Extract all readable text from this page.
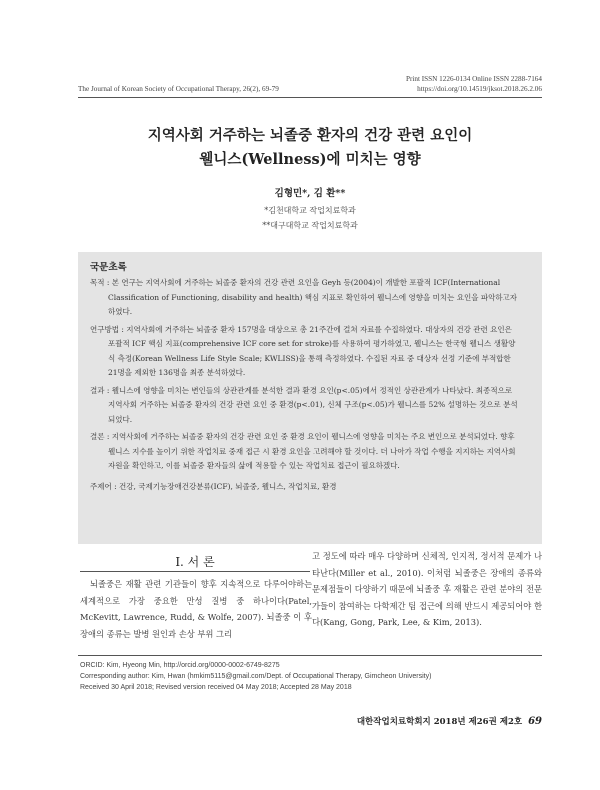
Print ISSN 1226-0134 Online ISSN 2288-7164
The Journal of Korean Society of Occupational Therapy, 26(2), 69-79	https://doi.org/10.14519/jksot.2018.26.2.06
지역사회 거주하는 뇌졸중 환자의 건강 관련 요인이
웰니스(Wellness)에 미치는 영향
김형민*, 김 환**
*김천대학교 작업치료학과
**대구대학교 작업치료학과
국문초록

목적 : 본 연구는 지역사회에 거주하는 뇌졸중 환자의 건강 관련 요인을 Geyh 등(2004)이 개발한 포괄적 ICF(International Classification of Functioning, disability and health) 핵심 지표로 확인하여 웰니스에 영향을 미치는 요인을 파악하고자 하였다.

연구방법 : 지역사회에 거주하는 뇌졸중 환자 157명을 대상으로 총 21주간에 걸쳐 자료를 수집하였다. 대상자의 건강 관련 요인은 포괄적 ICF 핵심 지표(comprehensive ICF core set for stroke)를 사용하여 평가하였고, 웰니스는 한국형 웰니스 생활양식 측정(Korean Wellness Life Style Scale; KWLISS)을 통해 측정하였다. 수집된 자료 중 대상자 선정 기준에 부적합한 21명을 제외한 136명을 최종 분석하였다.

결과 : 웰니스에 영향을 미치는 변인들의 상관관계를 분석한 결과 환경 요인(p<.05)에서 정적인 상관관계가 나타났다. 최종적으로 지역사회 거주하는 뇌졸중 환자의 건강 관련 요인 중 환경(p<.01), 신체 구조(p<.05)가 웰니스를 52% 설명하는 것으로 분석되었다.

결론 : 지역사회에 거주하는 뇌졸중 환자의 건강 관련 요인 중 환경 요인이 웰니스에 영향을 미치는 주요 변인으로 분석되었다. 향후 웰니스 지수를 높이기 위한 작업치료 중재 접근 시 환경 요인을 고려해야 할 것이다. 더 나아가 작업 수행을 지지하는 지역사회 자원을 확인하고, 이를 뇌졸중 환자들의 삶에 적용할 수 있는 작업치료 접근이 필요하겠다.

주제어 : 건강, 국제기능장애건강분류(ICF), 뇌졸중, 웰니스, 작업치료, 환경

Ⅰ. 서 론
뇌졸중은 재활 관련 기관들이 향후 지속적으로 다루어야하는 세계적으로 가장 중요한 만성 질병 중 하나이다(Patel, McKevitt, Lawrence, Rudd, & Wolfe, 2007). 뇌졸중 이 후 장애의 종류는 발병 원인과 손상 부위 그리
고 정도에 따라 매우 다양하며 신체적, 인지적, 정서적 문제가 나타난다(Miller et al., 2010). 이처럼 뇌졸중은 장애의 종류와 문제점들이 다양하기 때문에 뇌졸중 후 재활은 관련 분야의 전문가들이 참여하는 다학제간 팀 접근에 의해 반드시 제공되어야 한다(Kang, Gong, Park, Lee, & Kim, 2013).
ORCID: Kim, Hyeong Min, http://orcid.org/0000-0002-6749-8275
Corresponding author: Kim, Hwan (hmkim5115@gmail.com/Dept. of Occupational Therapy, Gimcheon University)
Received 30 April 2018; Revised version received 04 May 2018; Accepted 28 May 2018
대한작업치료학회지 2018년 제26권 제2호 69
